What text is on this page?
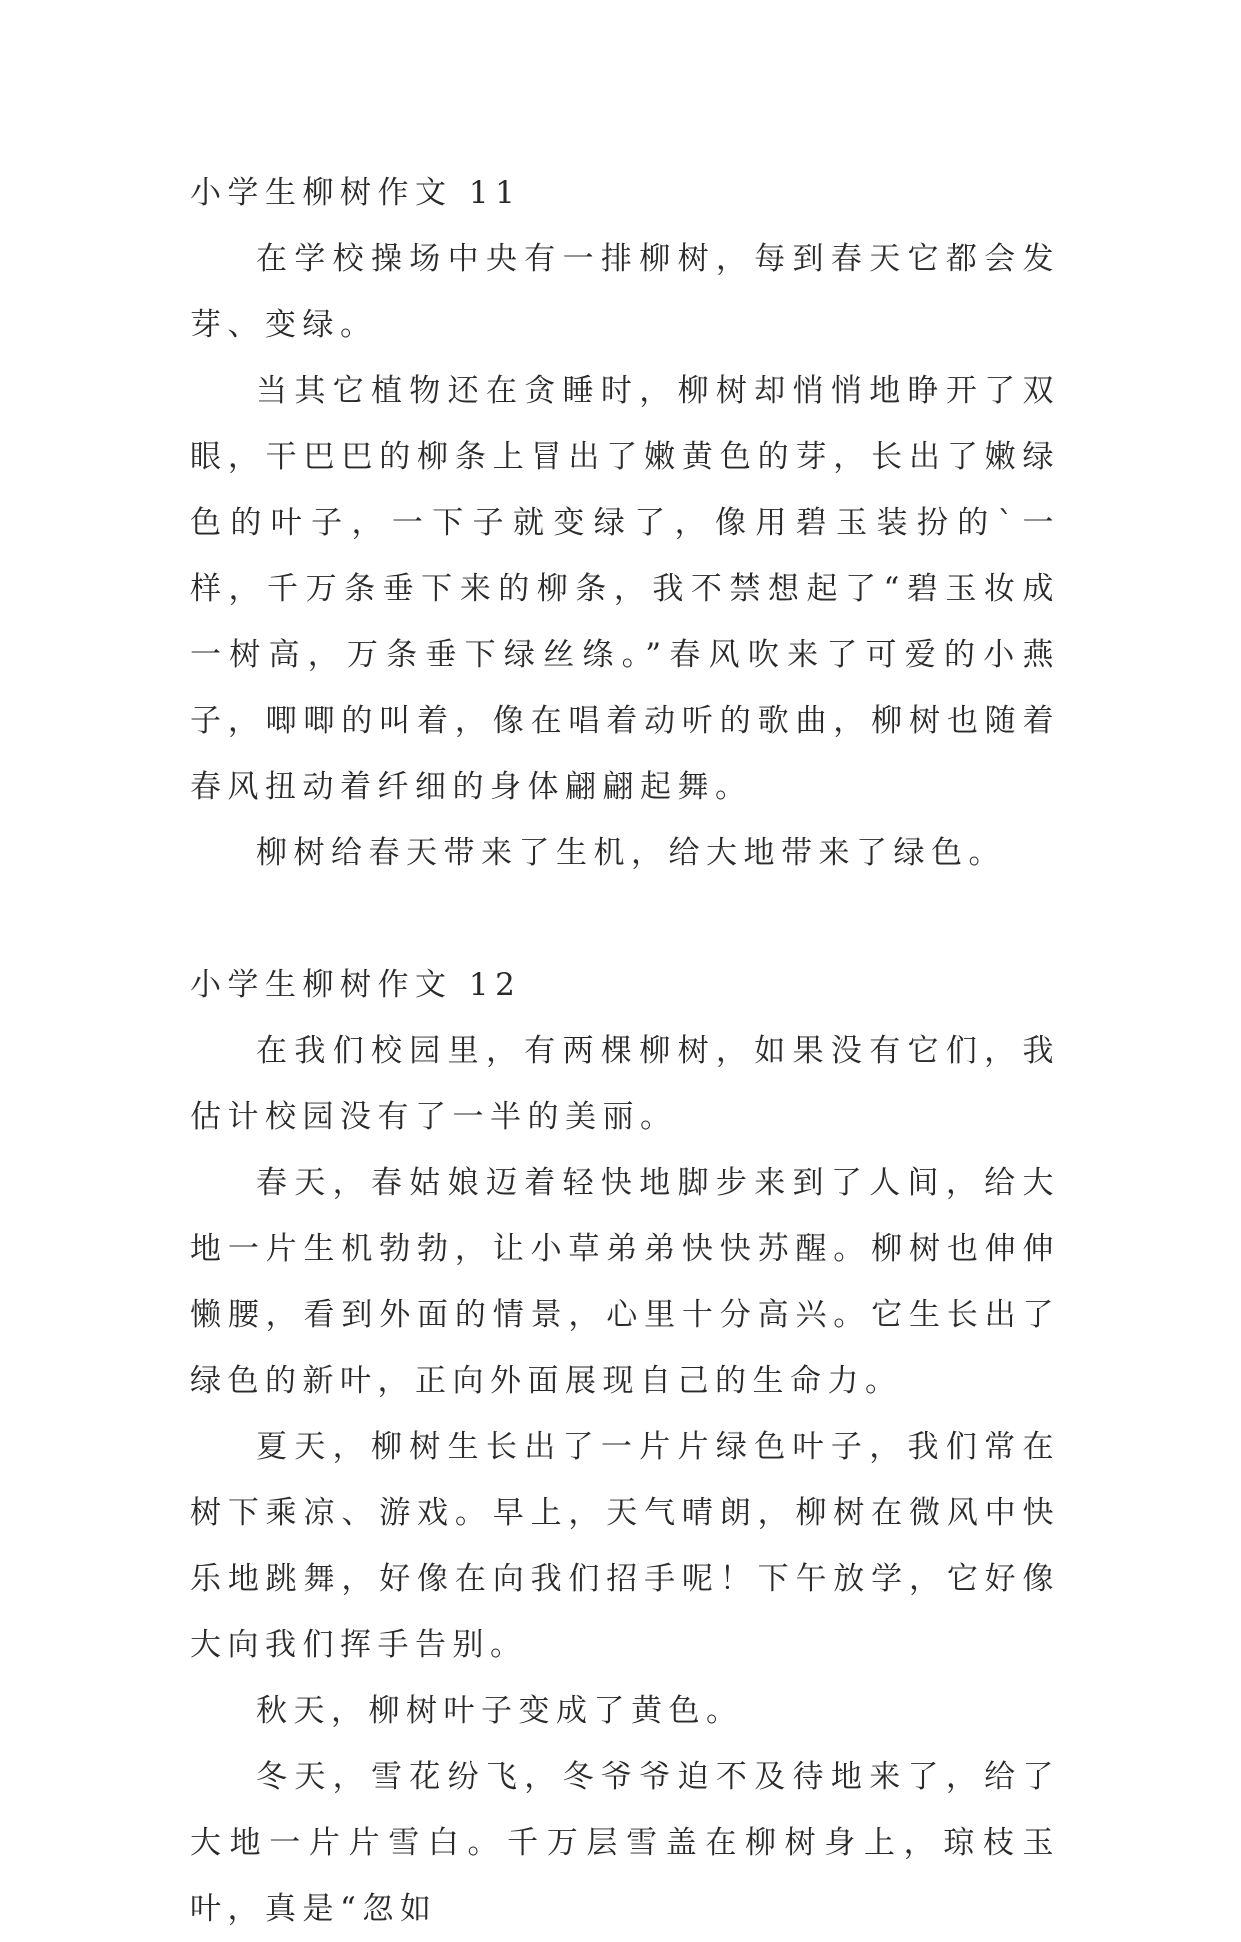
小学生柳树作文 11

在学校操场中央有一排柳树，每到春天它都会发芽、变绿。

当其它植物还在贪睡时，柳树却悄悄地睁开了双眼，干巴巴的柳条上冒出了嫩黄色的芽，长出了嫩绿色的叶子，一下子就变绿了，像用碧玉装扮的`一样，千万条垂下来的柳条，我不禁想起了“碧玉妆成一树高，万条垂下绿丝绦。”春风吹来了可爱的小燕子，唧唧的叫着，像在唱着动听的歌曲，柳树也随着春风扭动着纤细的身体翩翩起舞。

柳树给春天带来了生机，给大地带来了绿色。

小学生柳树作文 12

在我们校园里，有两棵柳树，如果没有它们，我估计校园没有了一半的美丽。

春天，春姑娘迈着轻快地脚步来到了人间，给大地一片生机勃勃，让小草弟弟快快苏醒。柳树也伸伸懒腰，看到外面的情景，心里十分高兴。它生长出了绿色的新叶，正向外面展现自己的生命力。

夏天，柳树生长出了一片片绿色叶子，我们常在树下乘凉、游戏。早上，天气晴朗，柳树在微风中快乐地跳舞，好像在向我们招手呢！下午放学，它好像大向我们挥手告别。

秋天，柳树叶子变成了黄色。

冬天，雪花纷飞，冬爷爷迫不及待地来了，给了大地一片片雪白。千万层雪盖在柳树身上，琼枝玉叶，真是“忽如
